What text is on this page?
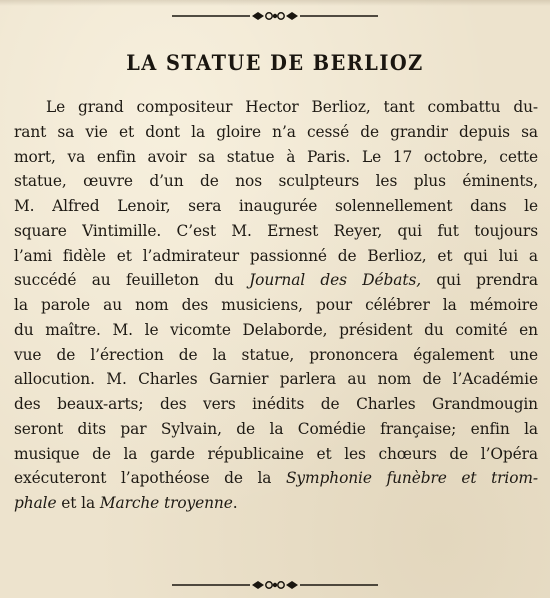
LA STATUE DE BERLIOZ
Le grand compositeur Hector Berlioz, tant combattu du-
rant sa vie et dont la gloire n’a cessé de grandir depuis sa
mort, va enfin avoir sa statue à Paris. Le 17 octobre, cette
statue, œuvre d’un de nos sculpteurs les plus éminents,
M. Alfred Lenoir, sera inaugurée solennellement dans le
square Vintimille. C’est M. Ernest Reyer, qui fut toujours
l’ami fidèle et l’admirateur passionné de Berlioz, et qui lui a
succédé au feuilleton du Journal des Débats, qui prendra
la parole au nom des musiciens, pour célébrer la mémoire
du maître. M. le vicomte Delaborde, président du comité en
vue de l’érection de la statue, prononcera également une
allocution. M. Charles Garnier parlera au nom de l’Académie
des beaux-arts; des vers inédits de Charles Grandmougin
seront dits par Sylvain, de la Comédie française; enfin la
musique de la garde républicaine et les chœurs de l’Opéra
exécuteront l’apothéose de la Symphonie funèbre et triom-
phale et la Marche troyenne.
